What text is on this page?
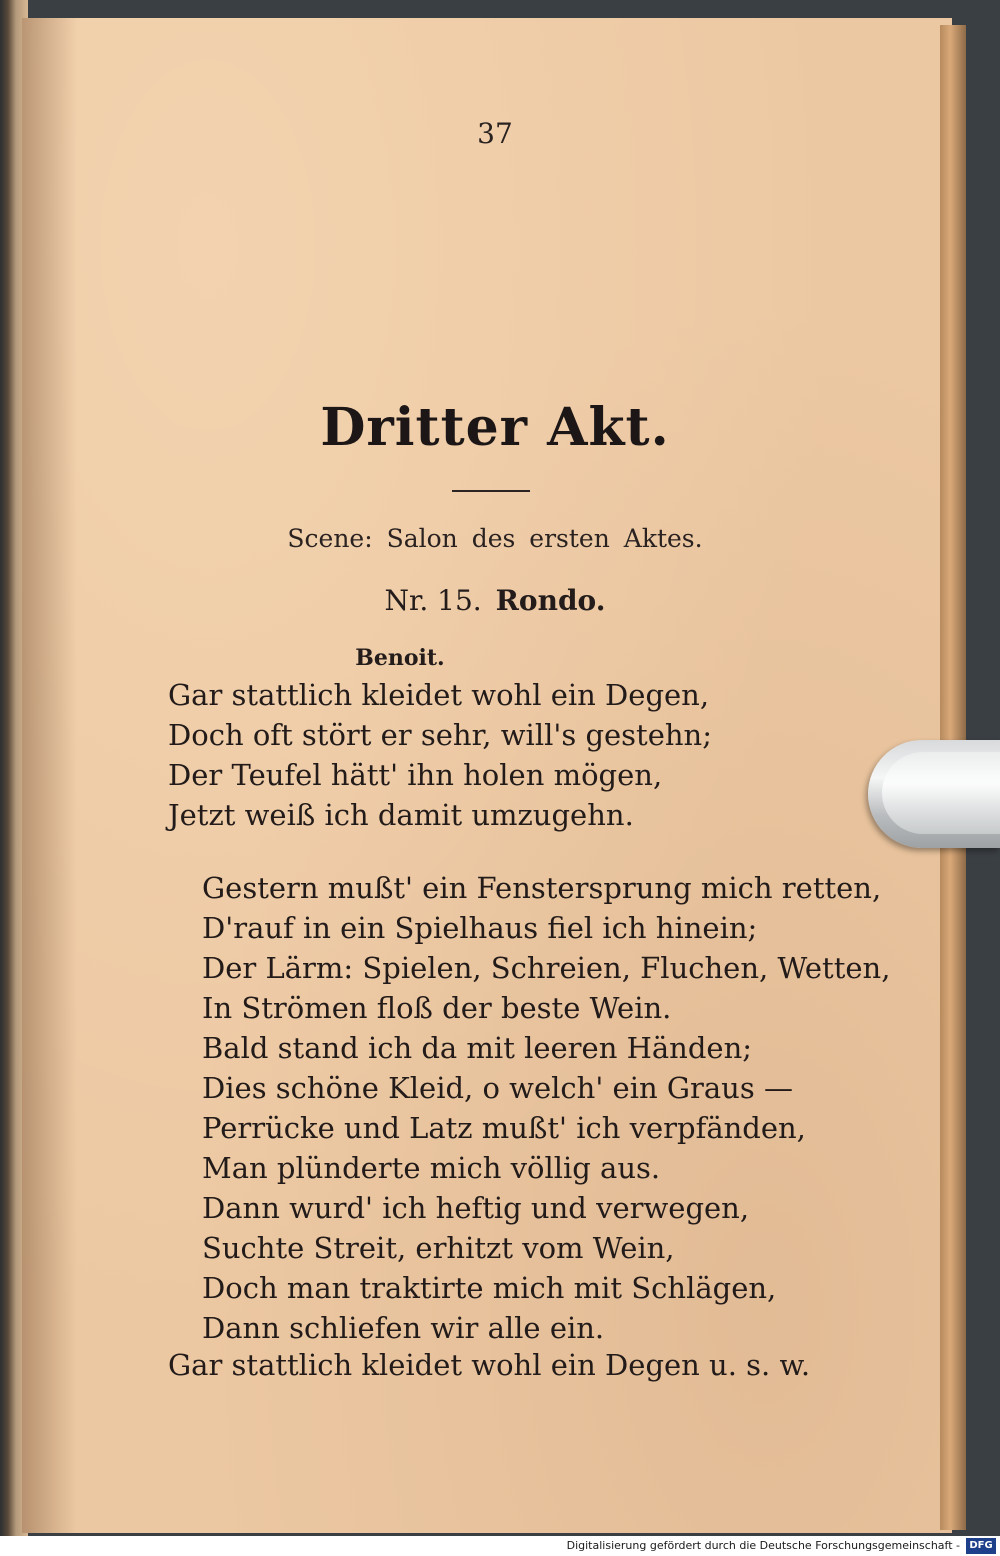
37
Dritter Akt.
Scene: Salon des ersten Aktes.
Nr. 15. Rondo.
Benoit.
Gar stattlich kleidet wohl ein Degen,
Doch oft stört er sehr, will's gestehn;
Der Teufel hätt' ihn holen mögen,
Jetzt weiß ich damit umzugehn.
Gestern mußt' ein Fenstersprung mich retten,
D'rauf in ein Spielhaus fiel ich hinein;
Der Lärm: Spielen, Schreien, Fluchen, Wetten,
In Strömen floß der beste Wein.
Bald stand ich da mit leeren Händen;
Dies schöne Kleid, o welch' ein Graus —
Perrücke und Latz mußt' ich verpfänden,
Man plünderte mich völlig aus.
Dann wurd' ich heftig und verwegen,
Suchte Streit, erhitzt vom Wein,
Doch man traktirte mich mit Schlägen,
Dann schliefen wir alle ein.
Gar stattlich kleidet wohl ein Degen u. s. w.
Digitalisierung gefördert durch die Deutsche Forschungsgemeinschaft - DFG
